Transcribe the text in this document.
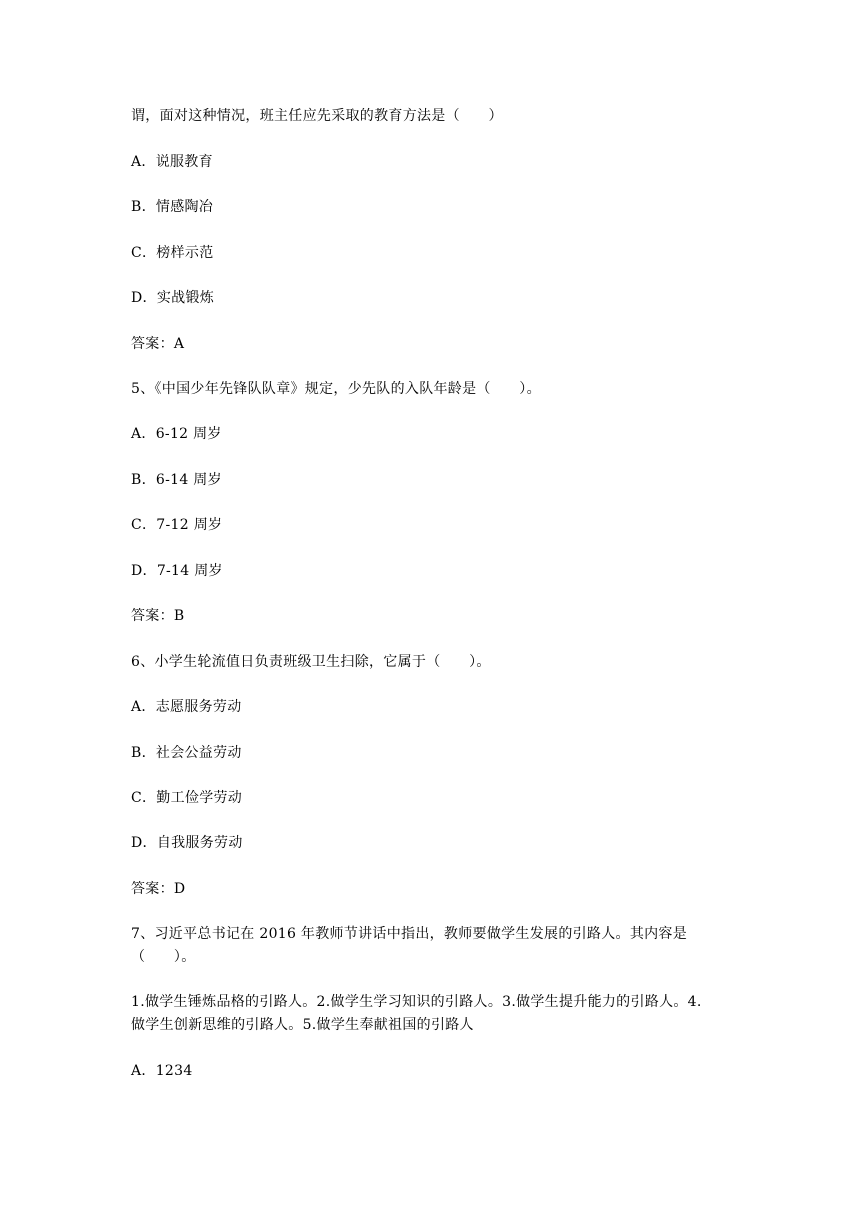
谓，面对这种情况，班主任应先采取的教育方法是（　　）
A．说服教育
B．情感陶冶
C．榜样示范
D．实战锻炼
答案：A
5、《中国少年先锋队队章》规定，少先队的入队年龄是（　　）。
A．6-12 周岁
B．6-14 周岁
C．7-12 周岁
D．7-14 周岁
答案：B
6、小学生轮流值日负责班级卫生扫除，它属于（　　）。
A．志愿服务劳动
B．社会公益劳动
C．勤工俭学劳动
D．自我服务劳动
答案：D
7、习近平总书记在 2016 年教师节讲话中指出，教师要做学生发展的引路人。其内容是
（　　）。
1.做学生锤炼品格的引路人。2.做学生学习知识的引路人。3.做学生提升能力的引路人。4.
做学生创新思维的引路人。5.做学生奉献祖国的引路人
A．1234
